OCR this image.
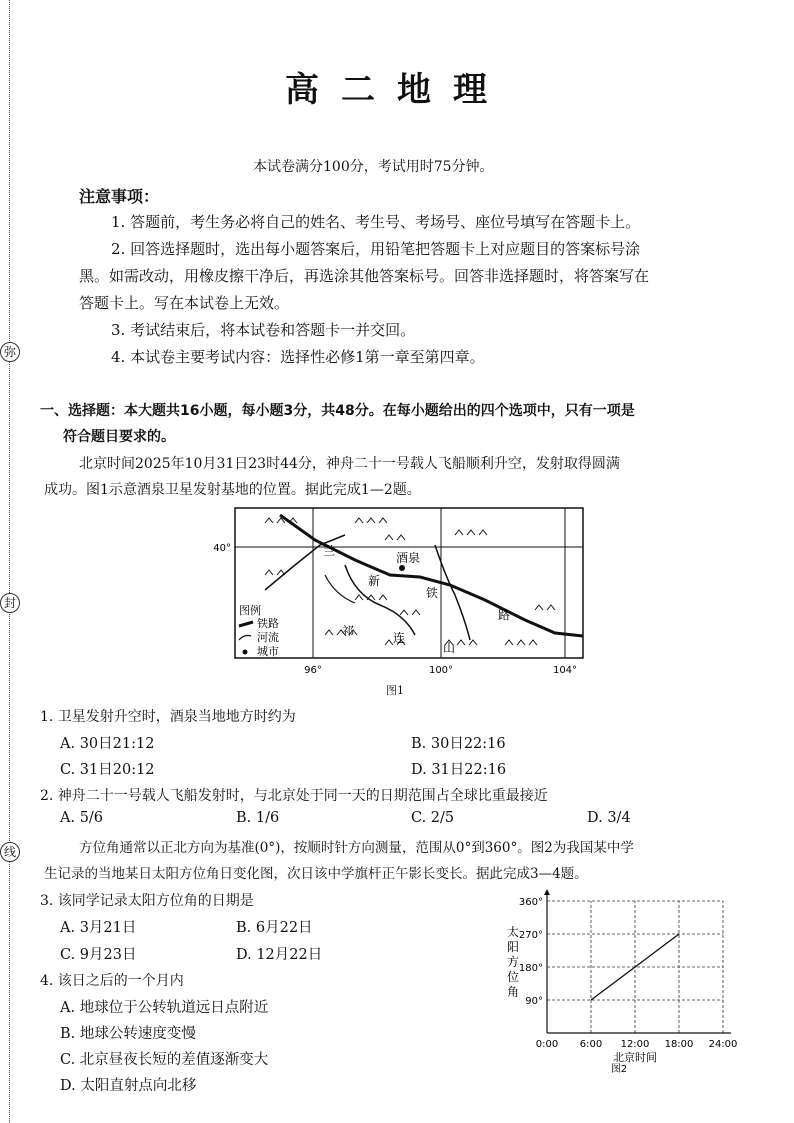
弥
封
线
高二地理
本试卷满分100分，考试用时75分钟。
注意事项：
1. 答题前，考生务必将自己的姓名、考生号、考场号、座位号填写在答题卡上。
2. 回答选择题时，选出每小题答案后，用铅笔把答题卡上对应题目的答案标号涂
黑。如需改动，用橡皮擦干净后，再选涂其他答案标号。回答非选择题时，将答案写在
答题卡上。写在本试卷上无效。
3. 考试结束后，将本试卷和答题卡一并交回。
4. 本试卷主要考试内容：选择性必修1第一章至第四章。
一、选择题：本大题共16小题，每小题3分，共48分。在每小题给出的四个选项中，只有一项是
符合题目要求的。
北京时间2025年10月31日23时44分，神舟二十一号载人飞船顺利升空，发射取得圆满
成功。图1示意酒泉卫星发射基地的位置。据此完成1—2题。
40°
96°	100°	104°
酒泉
兰
新
铁
路
祁	连
山
图例
铁路
河流
城市
图1
1. 卫星发射升空时，酒泉当地地方时约为
A. 30日21:12	B. 30日22:16
C. 31日20:12	D. 31日22:16
2. 神舟二十一号载人飞船发射时，与北京处于同一天的日期范围占全球比重最接近
A. 5/6	B. 1/6	C. 2/5	D. 3/4
方位角通常以正北方向为基准(0°)，按顺时针方向测量，范围从0°到360°。图2为我国某中学
生记录的当地某日太阳方位角日变化图，次日该中学旗杆正午影长变长。据此完成3—4题。
3. 该同学记录太阳方位角的日期是
A. 3月21日	B. 6月22日
C. 9月23日	D. 12月22日
4. 该日之后的一个月内
A. 地球位于公转轨道远日点附近
B. 地球公转速度变慢
C. 北京昼夜长短的差值逐渐变大
D. 太阳直射点向北移
0:00 6:00 12:00 18:00 24:00
90°
180°
270°
360°
北京时间
太阳方位角
图2
